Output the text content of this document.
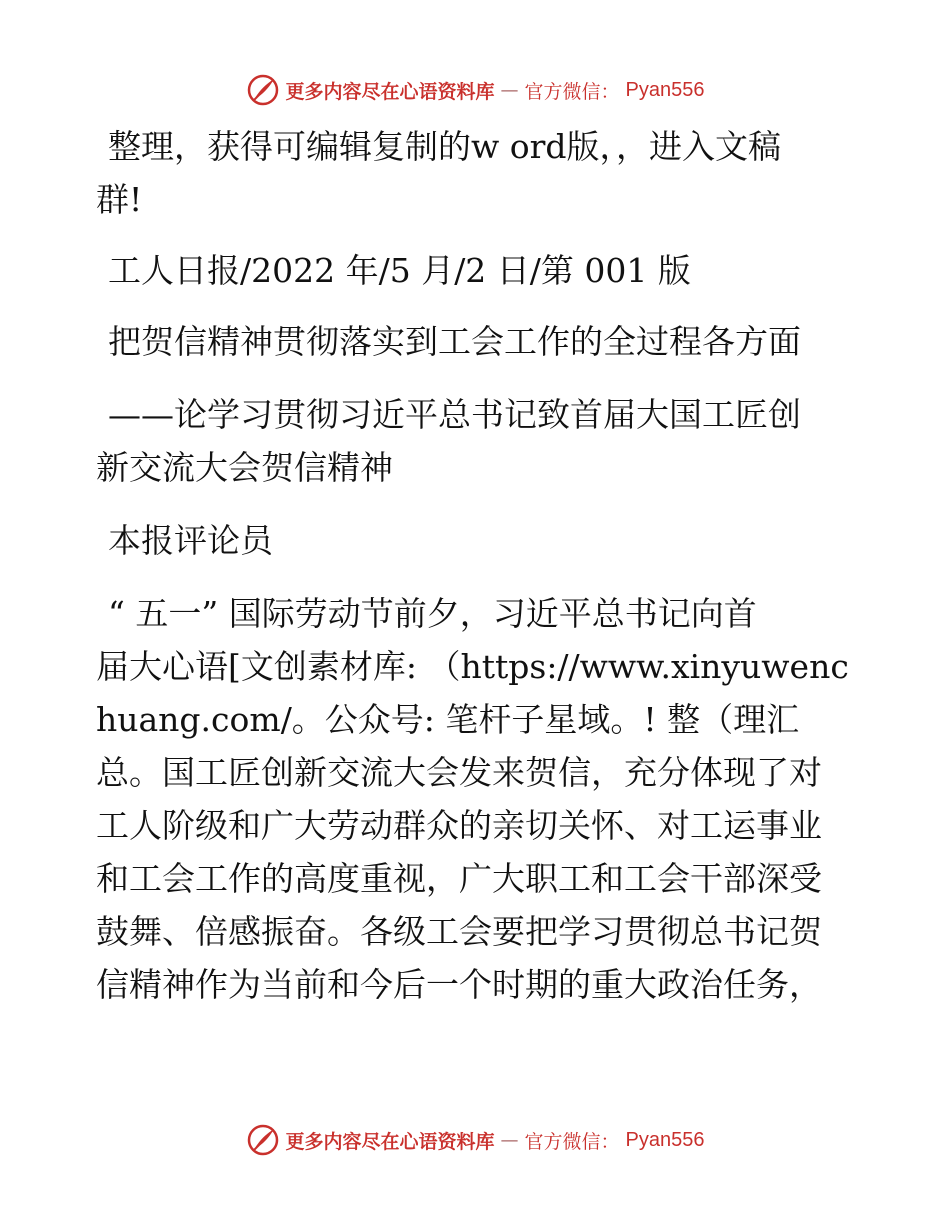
更多内容尽在心语资料库 — 官方微信： Pyan556

整理，获得可编辑复制的w ord版，，进入文稿

群!

工人日报/2022 年/5 月/2 日/第 001 版

把贺信精神贯彻落实到工会工作的全过程各方面

——论学习贯彻习近平总书记致首届大国工匠创

新交流大会贺信精神

本报评论员

“ 五一” 国际劳动节前夕，习近平总书记向首

届大心语[文创素材库: （https://www.xinyuwenc

huang.com/。公众号: 笔杆子星域。! 整（理汇

总。国工匠创新交流大会发来贺信，充分体现了对

工人阶级和广大劳动群众的亲切关怀、对工运事业

和工会工作的高度重视，广大职工和工会干部深受

鼓舞、倍感振奋。各级工会要把学习贯彻总书记贺

信精神作为当前和今后一个时期的重大政治任务，

更多内容尽在心语资料库 — 官方微信： Pyan556
